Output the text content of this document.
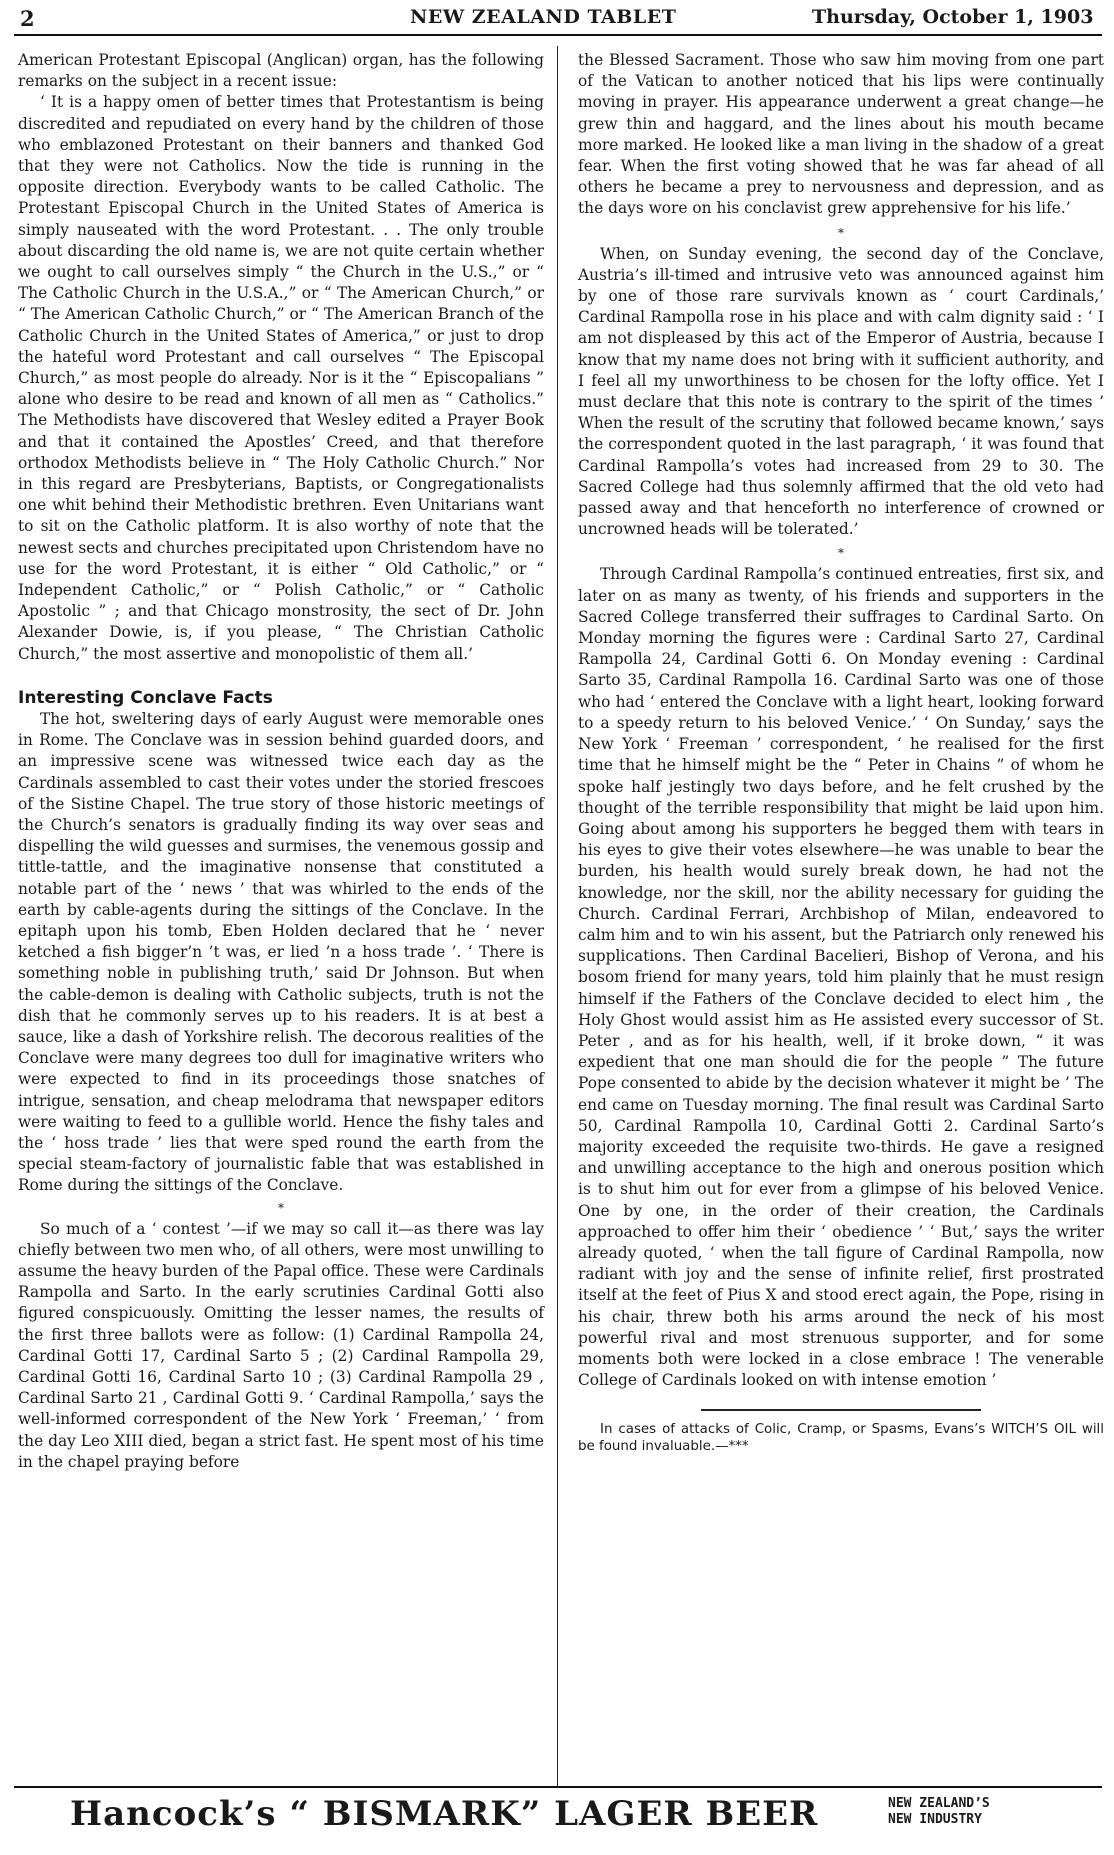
2	NEW ZEALAND TABLET	Thursday, October 1, 1903

American Protestant Episcopal (Anglican) organ, has the following remarks on the subject in a recent issue:

‘ It is a happy omen of better times that Protestantism is being discredited and repudiated on every hand by the children of those who emblazoned Protestant on their banners and thanked God that they were not Catholics. Now the tide is running in the opposite direction. Everybody wants to be called Catholic. The Protestant Episcopal Church in the United States of America is simply nauseated with the word Protestant. . . The only trouble about discarding the old name is, we are not quite certain whether we ought to call ourselves simply “ the Church in the U.S.,” or “ The Catholic Church in the U.S.A.,” or “ The American Church,” or “ The American Catholic Church,” or “ The American Branch of the Catholic Church in the United States of America,” or just to drop the hateful word Protestant and call ourselves “ The Episcopal Church,” as most people do already. Nor is it the “ Episcopalians ” alone who desire to be read and known of all men as “ Catholics.” The Methodists have discovered that Wesley edited a Prayer Book and that it contained the Apostles’ Creed, and that therefore orthodox Methodists believe in “ The Holy Catholic Church.” Nor in this regard are Presbyterians, Baptists, or Congregationalists one whit behind their Methodistic brethren. Even Unitarians want to sit on the Catholic platform. It is also worthy of note that the newest sects and churches precipitated upon Christendom have no use for the word Protestant, it is either “ Old Catholic,” or “ Independent Catholic,” or “ Polish Catholic,” or “ Catholic Apostolic ” ; and that Chicago monstrosity, the sect of Dr. John Alexander Dowie, is, if you please, “ The Christian Catholic Church,” the most assertive and monopolistic of them all.’

Interesting Conclave Facts

The hot, sweltering days of early August were memorable ones in Rome. The Conclave was in session behind guarded doors, and an impressive scene was witnessed twice each day as the Cardinals assembled to cast their votes under the storied frescoes of the Sistine Chapel. The true story of those historic meetings of the Church’s senators is gradually finding its way over seas and dispelling the wild guesses and surmises, the venemous gossip and tittle-tattle, and the imaginative nonsense that constituted a notable part of the ‘ news ’ that was whirled to the ends of the earth by cable-agents during the sittings of the Conclave. In the epitaph upon his tomb, Eben Holden declared that he ‘ never ketched a fish bigger’n ’t was, er lied ’n a hoss trade ’. ‘ There is something noble in publishing truth,’ said Dr Johnson. But when the cable-demon is dealing with Catholic subjects, truth is not the dish that he commonly serves up to his readers. It is at best a sauce, like a dash of Yorkshire relish. The decorous realities of the Conclave were many degrees too dull for imaginative writers who were expected to find in its proceedings those snatches of intrigue, sensation, and cheap melodrama that newspaper editors were waiting to feed to a gullible world. Hence the fishy tales and the ‘ hoss trade ’ lies that were sped round the earth from the special steam-factory of journalistic fable that was established in Rome during the sittings of the Conclave.

*

So much of a ‘ contest ’—if we may so call it—as there was lay chiefly between two men who, of all others, were most unwilling to assume the heavy burden of the Papal office. These were Cardinals Rampolla and Sarto. In the early scrutinies Cardinal Gotti also figured conspicuously. Omitting the lesser names, the results of the first three ballots were as follow: (1) Cardinal Rampolla 24, Cardinal Gotti 17, Cardinal Sarto 5 ; (2) Cardinal Rampolla 29, Cardinal Gotti 16, Cardinal Sarto 10 ; (3) Cardinal Rampolla 29 , Cardinal Sarto 21 , Cardinal Gotti 9. ‘ Cardinal Rampolla,’ says the well-informed correspondent of the New York ‘ Freeman,’ ‘ from the day Leo XIII died, began a strict fast. He spent most of his time in the chapel praying before

the Blessed Sacrament. Those who saw him moving from one part of the Vatican to another noticed that his lips were continually moving in prayer. His appearance underwent a great change—he grew thin and haggard, and the lines about his mouth became more marked. He looked like a man living in the shadow of a great fear. When the first voting showed that he was far ahead of all others he became a prey to nervousness and depression, and as the days wore on his conclavist grew apprehensive for his life.’

*

When, on Sunday evening, the second day of the Conclave, Austria’s ill-timed and intrusive veto was announced against him by one of those rare survivals known as ‘ court Cardinals,’ Cardinal Rampolla rose in his place and with calm dignity said : ‘ I am not displeased by this act of the Emperor of Austria, because I know that my name does not bring with it sufficient authority, and I feel all my unworthiness to be chosen for the lofty office. Yet I must declare that this note is contrary to the spirit of the times ’ When the result of the scrutiny that followed became known,’ says the correspondent quoted in the last paragraph, ‘ it was found that Cardinal Rampolla’s votes had increased from 29 to 30. The Sacred College had thus solemnly affirmed that the old veto had passed away and that henceforth no interference of crowned or uncrowned heads will be tolerated.’

*

Through Cardinal Rampolla’s continued entreaties, first six, and later on as many as twenty, of his friends and supporters in the Sacred College transferred their suffrages to Cardinal Sarto. On Monday morning the figures were : Cardinal Sarto 27, Cardinal Rampolla 24, Cardinal Gotti 6. On Monday evening : Cardinal Sarto 35, Cardinal Rampolla 16. Cardinal Sarto was one of those who had ‘ entered the Conclave with a light heart, looking forward to a speedy return to his beloved Venice.’ ‘ On Sunday,’ says the New York ‘ Freeman ’ correspondent, ‘ he realised for the first time that he himself might be the “ Peter in Chains ” of whom he spoke half jestingly two days before, and he felt crushed by the thought of the terrible responsibility that might be laid upon him. Going about among his supporters he begged them with tears in his eyes to give their votes elsewhere—he was unable to bear the burden, his health would surely break down, he had not the knowledge, nor the skill, nor the ability necessary for guiding the Church. Cardinal Ferrari, Archbishop of Milan, endeavored to calm him and to win his assent, but the Patriarch only renewed his supplications. Then Cardinal Bacelieri, Bishop of Verona, and his bosom friend for many years, told him plainly that he must resign himself if the Fathers of the Conclave decided to elect him , the Holy Ghost would assist him as He assisted every successor of St. Peter , and as for his health, well, if it broke down, “ it was expedient that one man should die for the people ” The future Pope consented to abide by the decision whatever it might be ’ The end came on Tuesday morning. The final result was Cardinal Sarto 50, Cardinal Rampolla 10, Cardinal Gotti 2. Cardinal Sarto’s majority exceeded the requisite two-thirds. He gave a resigned and unwilling acceptance to the high and onerous position which is to shut him out for ever from a glimpse of his beloved Venice. One by one, in the order of their creation, the Cardinals approached to offer him their ‘ obedience ’ ‘ But,’ says the writer already quoted, ‘ when the tall figure of Cardinal Rampolla, now radiant with joy and the sense of infinite relief, first prostrated itself at the feet of Pius X and stood erect again, the Pope, rising in his chair, threw both his arms around the neck of his most powerful rival and most strenuous supporter, and for some moments both were locked in a close embrace ! The venerable College of Cardinals looked on with intense emotion ’

In cases of attacks of Colic, Cramp, or Spasms, Evans’s WITCH’S OIL will be found invaluable.—***

Hancock’s “ BISMARK” LAGER BEER	NEW ZEALAND’S
NEW INDUSTRY
